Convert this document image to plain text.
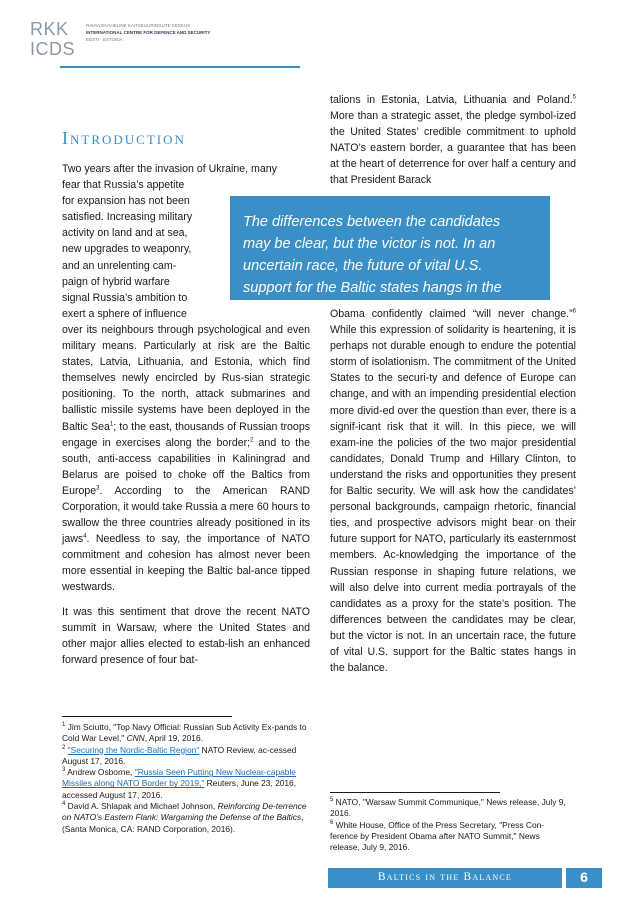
RKK
ICDS
RAHVUSVAHELINE KAITSEUURINGUTE KESKUS
INTERNATIONAL CENTRE FOR DEFENCE AND SECURITY
EESTI · ESTONIA
Introduction

Two years after the invasion of Ukraine, many

fear that Russia’s appetite

for expansion has not been

satisfied. Increasing military

activity on land and at sea,

new upgrades to weaponry,

and an unrelenting cam-

paign of hybrid warfare

signal Russia’s ambition to

exert a sphere of influence

over its neighbours through psychological and even military means. Particularly at risk are the Baltic states, Latvia, Lithuania, and Estonia, which find themselves newly encircled by Rus-sian strategic positioning. To the north, attack submarines and ballistic missile systems have been deployed in the Baltic Sea$^1$; to the east, thousands of Russian troops engage in exercises along the border;$^2$ and to the south, anti-access capabilities in Kaliningrad and Belarus are poised to choke off the Baltics from Europe$^3$. According to the American RAND Corporation, it would take Russia a mere 60 hours to swallow the three countries already positioned in its jaws$^4$. Needless to say, the importance of NATO commitment and cohesion has almost never been more essential in keeping the Baltic bal-ance tipped westwards.

It was this sentiment that drove the recent NATO summit in Warsaw, where the United States and other major allies elected to estab-lish an enhanced forward presence of four bat-

talions in Estonia, Latvia, Lithuania and Poland.$^5$ More than a strategic asset, the pledge symbol-ized the United States’ credible commitment to uphold NATO’s eastern border, a guarantee that has been at the heart of deterrence for over half a century and that President Barack

Obama confidently claimed “will never change.”$^6$ While this expression of solidarity is heartening, it is perhaps not durable enough to endure the potential storm of isolationism. The commitment of the United States to the securi-ty and defence of Europe can change, and with an impending presidential election more divid-ed over the question than ever, there is a signif-icant risk that it will. In this piece, we will exam-ine the policies of the two major presidential candidates, Donald Trump and Hillary Clinton, to understand the risks and opportunities they present for Baltic security. We will ask how the candidates’ personal backgrounds, campaign rhetoric, financial ties, and prospective advisors might bear on their future support for NATO, particularly its easternmost members. Ac-knowledging the importance of the Russian response in shaping future relations, we will also delve into current media portrayals of the candidates as a proxy for the state’s position. The differences between the candidates may be clear, but the victor is not. In an uncertain race, the future of vital U.S. support for the Baltic states hangs in the balance.

The differences between the candidates may be clear, but the victor is not. In an uncertain race, the future of vital U.S. support for the Baltic states hangs in the balance

$^1$ Jim Sciutto, "Top Navy Official: Russian Sub Activity Ex-pands to Cold War Level," CNN, April 19, 2016.

$^2$ "Securing the Nordic-Baltic Region" NATO Review, ac-cessed August 17, 2016.

$^3$ Andrew Osborne, "Russia Seen Putting New Nuclear-capable Missiles along NATO Border by 2019," Reuters, June 23, 2016, accessed August 17, 2016.

$^4$ David A. Shlapak and Michael Johnson, Reinforcing De-terrence on NATO’s Eastern Flank: Wargaming the Defense of the Baltics, (Santa Monica, CA: RAND Corporation, 2016).

$^5$ NATO, "Warsaw Summit Communique," News release, July 9, 2016.

$^6$ White House, Office of the Press Secretary, "Press Con-ference by President Obama after NATO Summit," News release, July 9, 2016.

Baltics in the Balance	6
